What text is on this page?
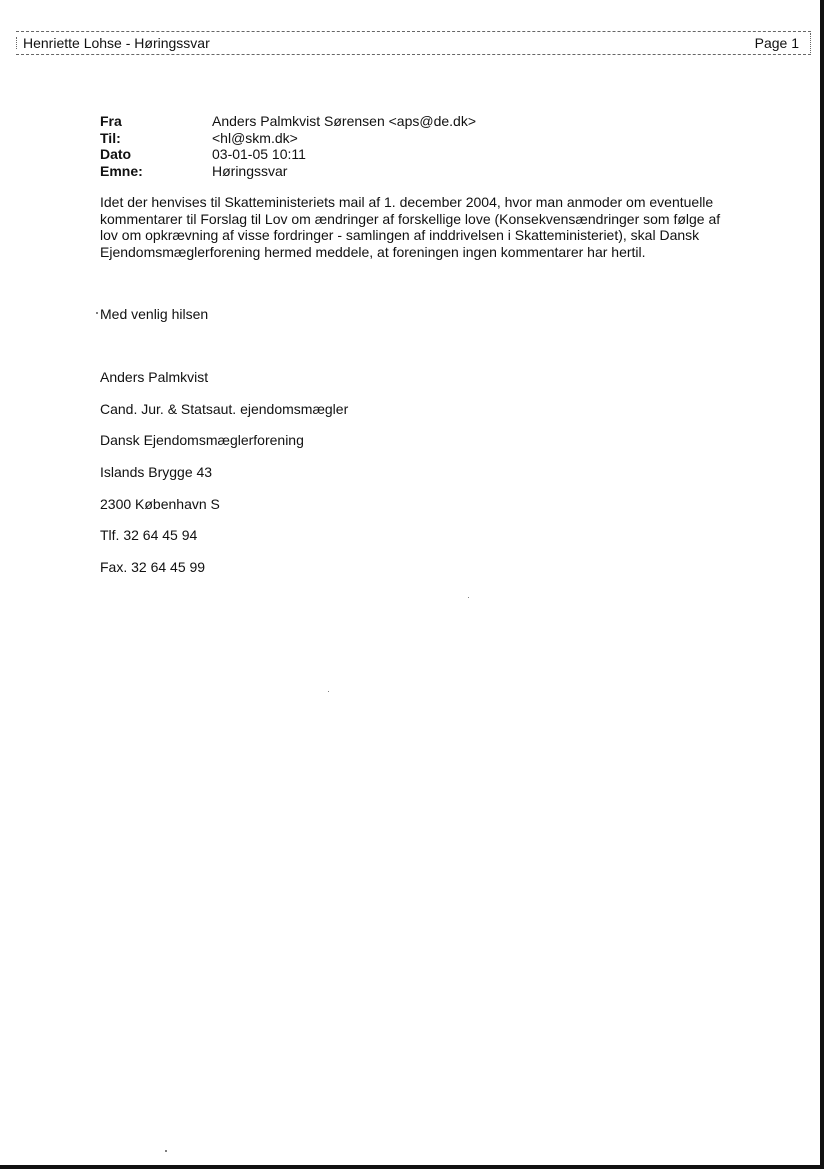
Henriette Lohse - Høringssvar	Page 1
Fra	Anders Palmkvist Sørensen <aps@de.dk>
Til:	<hl@skm.dk>
Dato	03-01-05 10:11
Emne:	Høringssvar
Idet der henvises til Skatteministeriets mail af 1. december 2004, hvor man anmoder om eventuelle
kommentarer til Forslag til Lov om ændringer af forskellige love (Konsekvensændringer som følge af
lov om opkrævning af visse fordringer - samlingen af inddrivelsen i Skatteministeriet), skal Dansk
Ejendomsmæglerforening hermed meddele, at foreningen ingen kommentarer har hertil.
Med venlig hilsen
Anders Palmkvist
Cand. Jur. & Statsaut. ejendomsmægler
Dansk Ejendomsmæglerforening
Islands Brygge 43
2300 København S
Tlf. 32 64 45 94
Fax. 32 64 45 99
